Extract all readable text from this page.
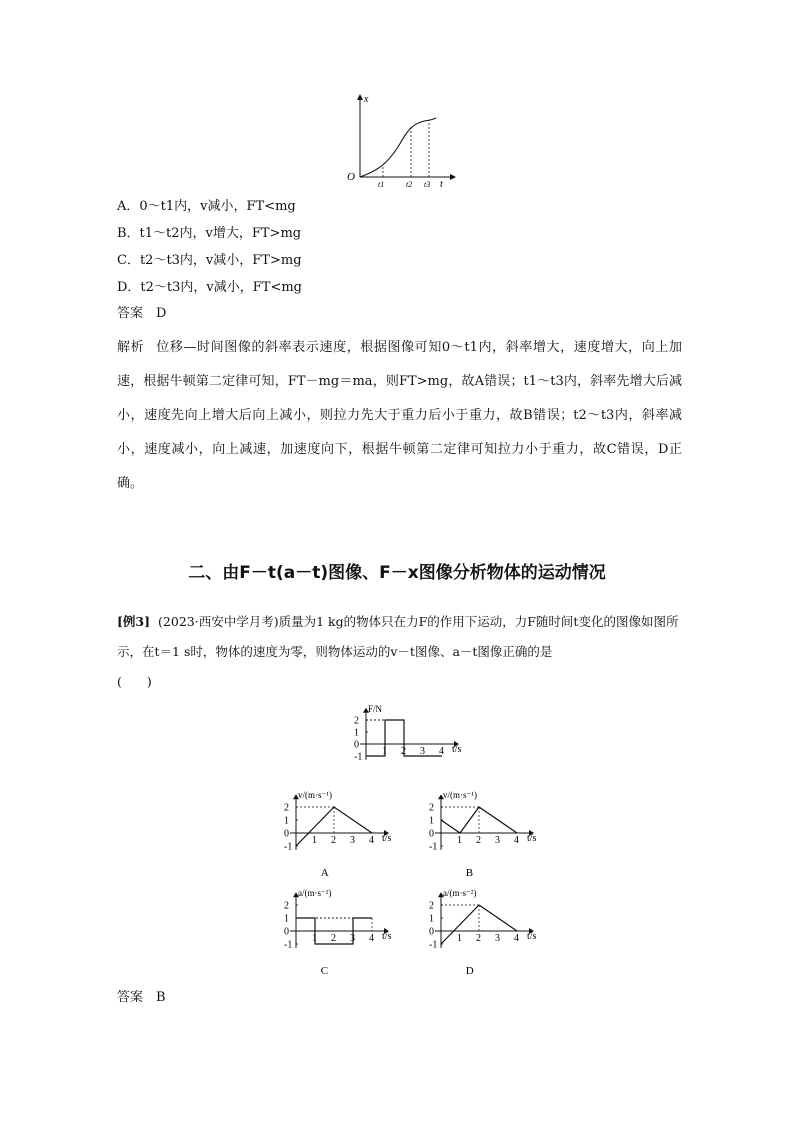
x
O
t
t1	t2 t3
A．0～t1内，v减小，FT<mg
B．t1～t2内，v增大，FT>mg
C．t2～t3内，v减小，FT>mg
D．t2～t3内，v减小，FT<mg
答案　D
解析 位移—时间图像的斜率表示速度，根据图像可知0～t1内，斜率增大，速度增大，向上加速，根据牛顿第二定律可知，FT－mg＝ma，则FT>mg，故A错误；t1～t3内，斜率先增大后减小，速度先向上增大后向上减小，则拉力先大于重力后小于重力，故B错误；t2～t3内，斜率减小，速度减小，向上减速，加速度向下，根据牛顿第二定律可知拉力小于重力，故C错误，D正确。
二、由F－t(a－t)图像、F－x图像分析物体的运动情况
[例3] (2023·西安中学月考)质量为1 kg的物体只在力F的作用下运动，力F随时间t变化的图像如图所示，在t＝1 s时，物体的速度为零，则物体运动的v－t图像、a－t图像正确的是
(　　)
2
1
0
-1 1 2 3 4
F/N
t/s
2
1
0
-1
1 2 3 4
v/(m·s⁻¹)
t/s
A
2
1
0
-1
1 2 3 4
v/(m·s⁻¹)
t/s
B
2
1
0
-1
1 2 3 4
a/(m·s⁻²)
t/s
C
2
1
0
-1
1 2 3 4
a/(m·s⁻²)
t/s
D
答案　B
